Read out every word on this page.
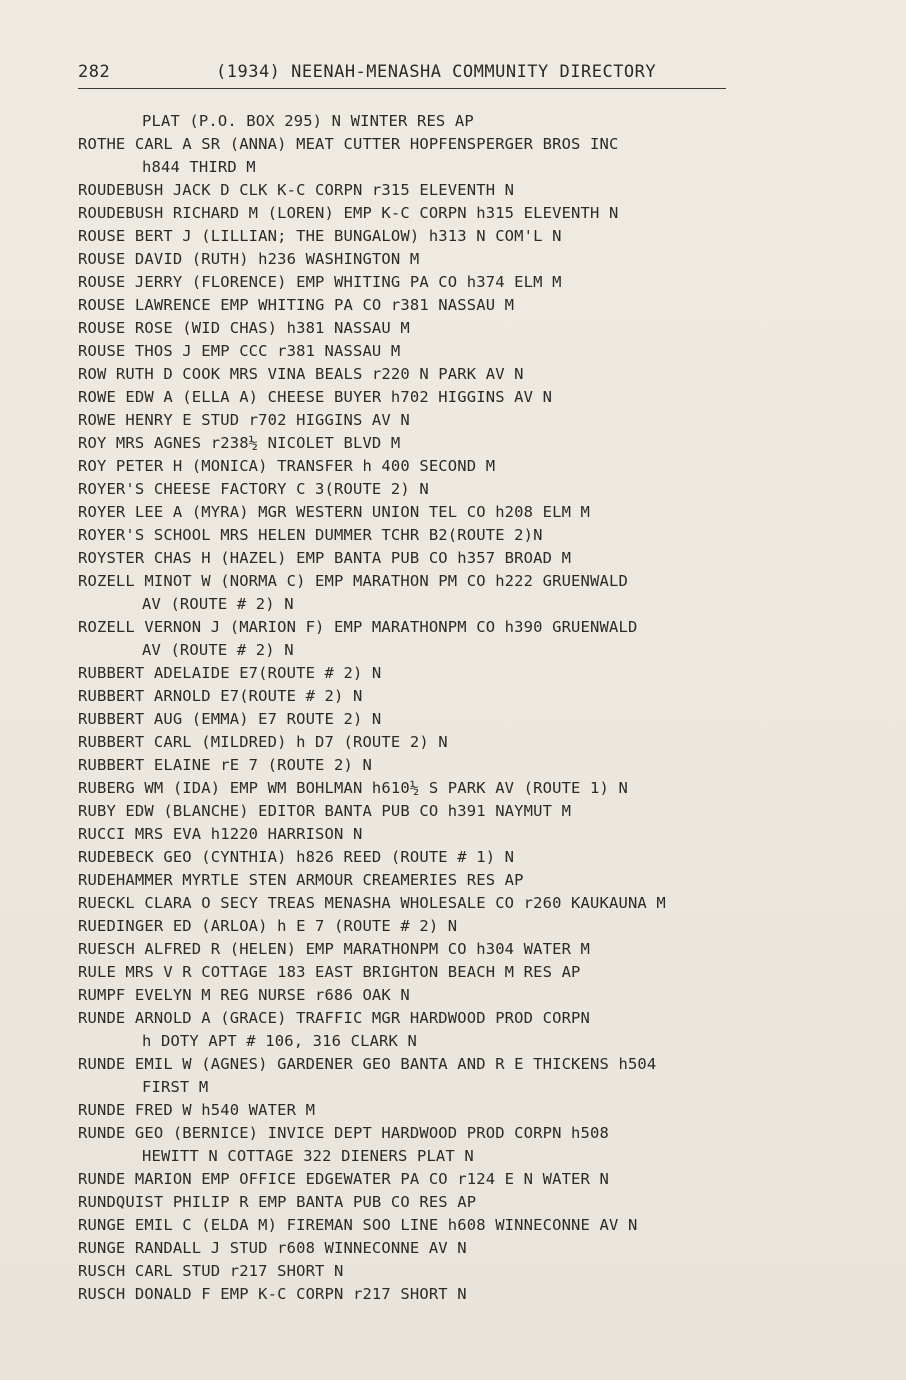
282	(1934) NEENAH-MENASHA COMMUNITY DIRECTORY
PLAT (P.O. BOX 295) N WINTER RES AP
ROTHE CARL A SR (ANNA) MEAT CUTTER HOPFENSPERGER BROS INC
h844 THIRD M
ROUDEBUSH JACK D CLK K-C CORPN r315 ELEVENTH N
ROUDEBUSH RICHARD M (LOREN) EMP K-C CORPN h315 ELEVENTH N
ROUSE BERT J (LILLIAN; THE BUNGALOW) h313 N COM'L N
ROUSE DAVID (RUTH) h236 WASHINGTON M
ROUSE JERRY (FLORENCE) EMP WHITING PA CO h374 ELM M
ROUSE LAWRENCE EMP WHITING PA CO r381 NASSAU M
ROUSE ROSE (WID CHAS) h381 NASSAU M
ROUSE THOS J EMP CCC r381 NASSAU M
ROW RUTH D COOK MRS VINA BEALS r220 N PARK AV N
ROWE EDW A (ELLA A) CHEESE BUYER h702 HIGGINS AV N
ROWE HENRY E STUD r702 HIGGINS AV N
ROY MRS AGNES r238½ NICOLET BLVD M
ROY PETER H (MONICA) TRANSFER h 400 SECOND M
ROYER'S CHEESE FACTORY C 3(ROUTE 2) N
ROYER LEE A (MYRA) MGR WESTERN UNION TEL CO h208 ELM M
ROYER'S SCHOOL MRS HELEN DUMMER TCHR B2(ROUTE 2)N
ROYSTER CHAS H (HAZEL) EMP BANTA PUB CO h357 BROAD M
ROZELL MINOT W (NORMA C) EMP MARATHON PM CO h222 GRUENWALD
AV (ROUTE # 2) N
ROZELL VERNON J (MARION F) EMP MARATHONPM CO h390 GRUENWALD
AV (ROUTE # 2) N
RUBBERT ADELAIDE E7(ROUTE # 2) N
RUBBERT ARNOLD E7(ROUTE # 2) N
RUBBERT AUG (EMMA) E7 ROUTE 2) N
RUBBERT CARL (MILDRED) h D7 (ROUTE 2) N
RUBBERT ELAINE rE 7 (ROUTE 2) N
RUBERG WM (IDA) EMP WM BOHLMAN h610½ S PARK AV (ROUTE 1) N
RUBY EDW (BLANCHE) EDITOR BANTA PUB CO h391 NAYMUT M
RUCCI MRS EVA h1220 HARRISON N
RUDEBECK GEO (CYNTHIA) h826 REED (ROUTE # 1) N
RUDEHAMMER MYRTLE STEN ARMOUR CREAMERIES RES AP
RUECKL CLARA O SECY TREAS MENASHA WHOLESALE CO r260 KAUKAUNA M
RUEDINGER ED (ARLOA) h E 7 (ROUTE # 2) N
RUESCH ALFRED R (HELEN) EMP MARATHONPM CO h304 WATER M
RULE MRS V R COTTAGE 183 EAST BRIGHTON BEACH M RES AP
RUMPF EVELYN M REG NURSE r686 OAK N
RUNDE ARNOLD A (GRACE) TRAFFIC MGR HARDWOOD PROD CORPN
h DOTY APT # 106, 316 CLARK N
RUNDE EMIL W (AGNES) GARDENER GEO BANTA AND R E THICKENS h504
FIRST M
RUNDE FRED W h540 WATER M
RUNDE GEO (BERNICE) INVICE DEPT HARDWOOD PROD CORPN h508
HEWITT N COTTAGE 322 DIENERS PLAT N
RUNDE MARION EMP OFFICE EDGEWATER PA CO r124 E N WATER N
RUNDQUIST PHILIP R EMP BANTA PUB CO RES AP
RUNGE EMIL C (ELDA M) FIREMAN SOO LINE h608 WINNECONNE AV N
RUNGE RANDALL J STUD r608 WINNECONNE AV N
RUSCH CARL STUD r217 SHORT N
RUSCH DONALD F EMP K-C CORPN r217 SHORT N
